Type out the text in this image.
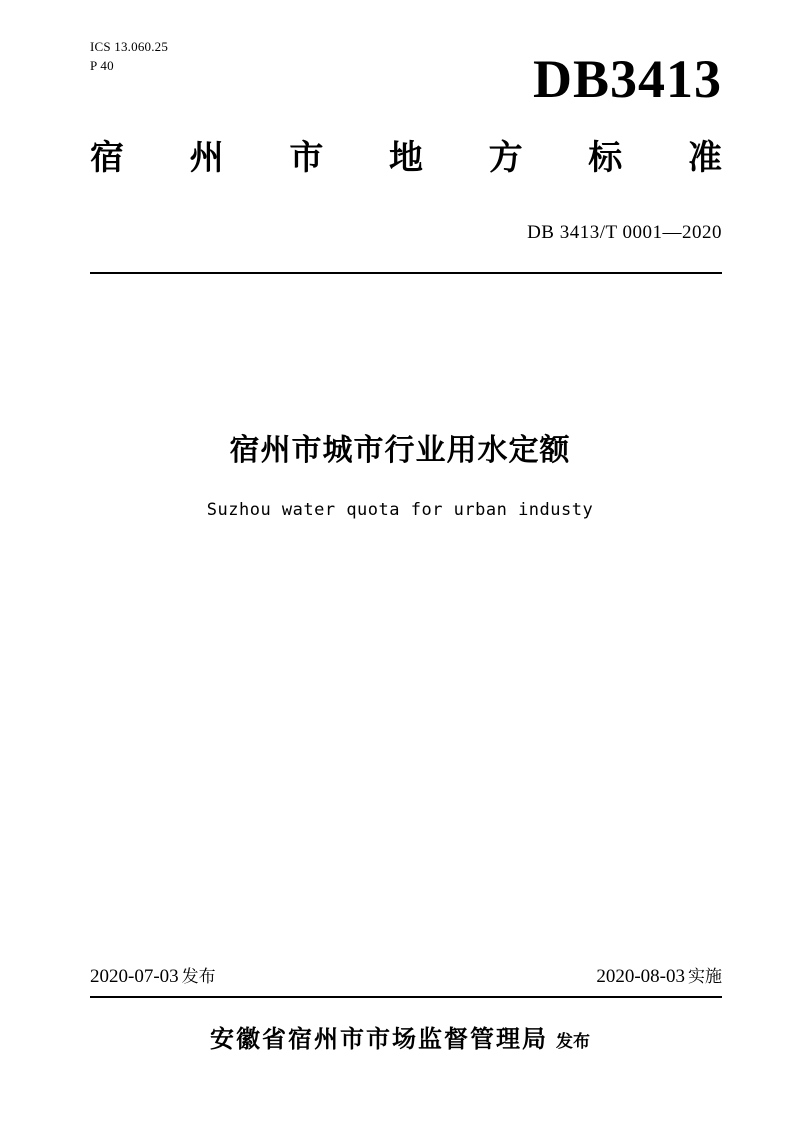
ICS 13.060.25
P 40	DB3413
宿 州 市 地 方 标 准
DB 3413/T 0001—2020
宿州市城市行业用水定额
Suzhou water quota for urban industy
2020-07-03 发布	2020-08-03 实施
安徽省宿州市市场监督管理局 发布
